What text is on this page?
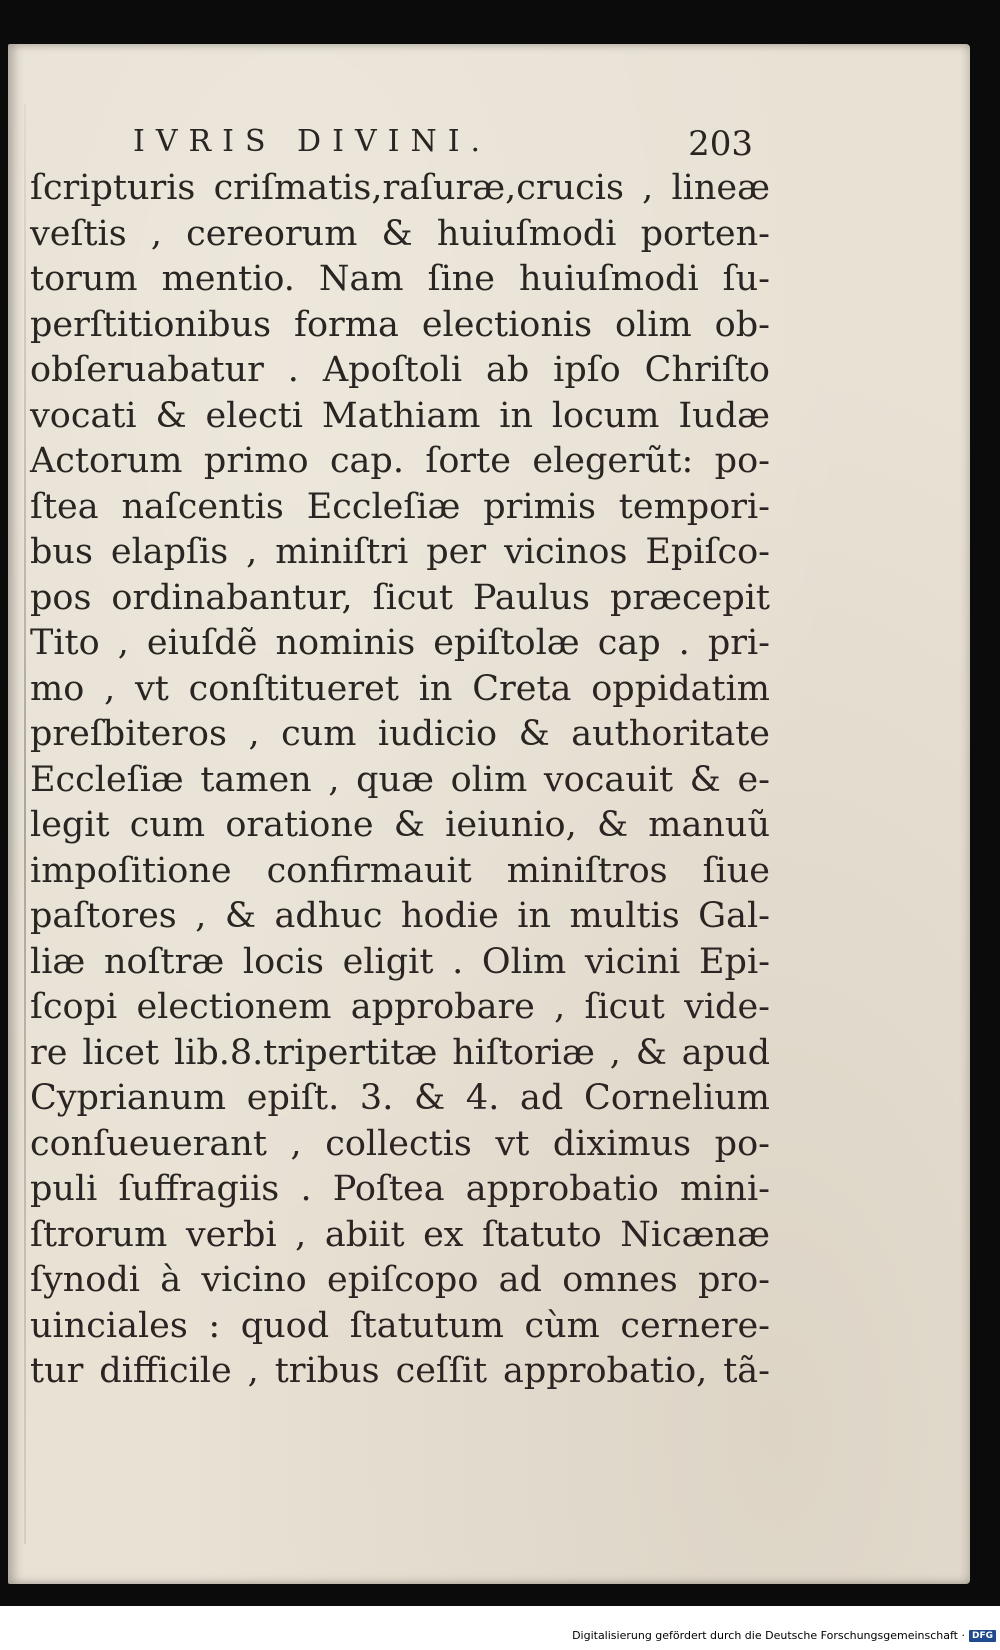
IVRIS DIVINI.	203
ſcripturis criſmatis,raſuræ,crucis , lineæ
veſtis , cereorum & huiuſmodi porten-
torum mentio. Nam ſine huiuſmodi ſu-
perſtitionibus forma electionis olim ob-
obſeruabatur . Apoſtoli ab ipſo Chriſto
vocati & electi Mathiam in locum Iudæ
Actorum primo cap. ſorte elegerũt: po-
ſtea naſcentis Eccleſiæ primis tempori-
bus elapſis , miniſtri per vicinos Epiſco-
pos ordinabantur, ſicut Paulus præcepit
Tito , eiuſdẽ nominis epiſtolæ cap . pri-
mo , vt conſtitueret in Creta oppidatim
preſbiteros , cum iudicio & authoritate
Eccleſiæ tamen , quæ olim vocauit & e-
legit cum oratione & ieiunio, & manuũ
impoſitione confirmauit miniſtros ſiue
paſtores , & adhuc hodie in multis Gal-
liæ noſtræ locis eligit . Olim vicini Epi-
ſcopi electionem approbare , ſicut vide-
re licet lib.8.tripertitæ hiſtoriæ , & apud
Cyprianum epiſt. 3. & 4. ad Cornelium
conſueuerant , collectis vt diximus po-
puli ſuffragiis . Poſtea approbatio mini-
ſtrorum verbi , abiit ex ſtatuto Nicænæ
ſynodi à vicino epiſcopo ad omnes pro-
uinciales : quod ſtatutum cùm cernere-
tur difficile , tribus ceſſit approbatio, tã-
Digitalisierung gefördert durch die Deutsche Forschungsgemeinschaft · DFG
